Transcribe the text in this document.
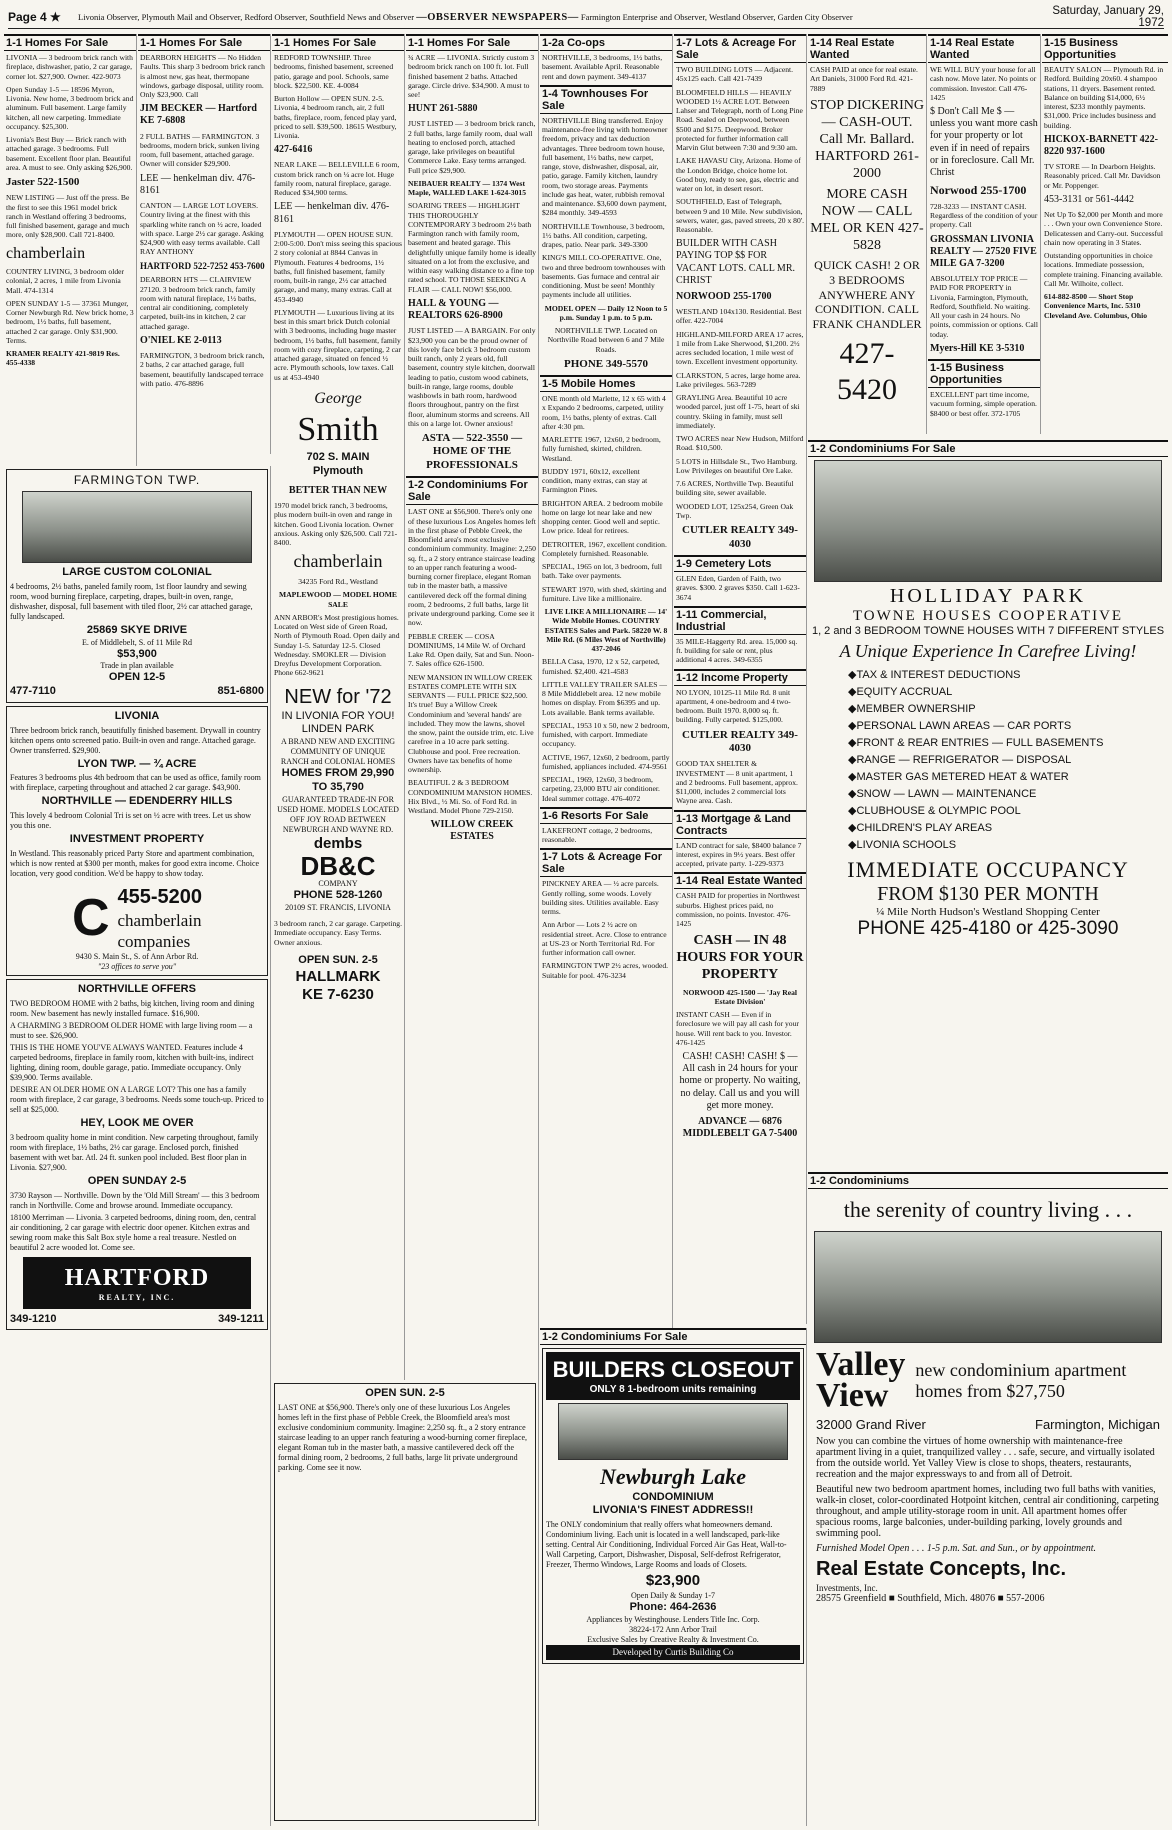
Page 4 ★	Livonia Observer, Plymouth Mail and Observer, Redford Observer, Southfield News and Observer —OBSERVER NEWSPAPERS— Farmington Enterprise and Observer, Westland Observer, Garden City Observer	Saturday, January 29, 1972
1-1 Homes For Sale
LIVONIA — 3 bedroom brick ranch with fireplace, dishwasher, patio, 2 car garage, corner lot. $27,900. Owner. 422-9073
Open Sunday 1-5 — 18596 Myron, Livonia. New home, 3 bedroom brick and aluminum. Full basement. Large family kitchen, all new carpeting. Immediate occupancy. $25,300.
Livonia's Best Buy — Brick ranch with attached garage. 3 bedrooms. Full basement. Excellent floor plan. Beautiful area. A must to see. Only asking $26,900.
Jaster 522-1500
NEW LISTING — Just off the press. Be the first to see this 1961 model brick ranch in Westland offering 3 bedrooms, full finished basement, garage and much more, only $28,900. Call 721-8400.
chamberlain
COUNTRY LIVING, 3 bedroom older colonial, 2 acres, 1 mile from Livonia Mall. 474-1314
OPEN SUNDAY 1-5 — 37361 Munger, Corner Newburgh Rd. New brick home, 3 bedroom, 1½ baths, full basement, attached 2 car garage. Only $31,900. Terms.
KRAMER REALTY 421-9819 Res. 455-4338
1-1 Homes For Sale
DEARBORN HEIGHTS — No Hidden Faults. This sharp 3 bedroom brick ranch is almost new, gas heat, thermopane windows, garbage disposal, utility room. Only $23,900. Call
JIM BECKER — Hartford KE 7-6808
2 FULL BATHS — FARMINGTON. 3 bedrooms, modern brick, sunken living room, full basement, attached garage. Owner will consider $29,900.
LEE — henkelman div. 476-8161
CANTON — LARGE LOT LOVERS. Country living at the finest with this sparkling white ranch on ½ acre, loaded with space. Large 2½ car garage. Asking $24,900 with easy terms available. Call RAY ANTHONY
HARTFORD 522-7252 453-7600
DEARBORN HTS — CLAIRVIEW 27120. 3 bedroom brick ranch, family room with natural fireplace, 1½ baths, central air conditioning, completely carpeted, built-ins in kitchen, 2 car attached garage.
O'NIEL KE 2-0113
FARMINGTON, 3 bedroom brick ranch, 2 baths, 2 car attached garage, full basement, beautifully landscaped terrace with patio. 476-8896
FARMINGTON TWP.
LARGE CUSTOM COLONIAL

4 bedrooms, 2½ baths, paneled family room, 1st floor laundry and sewing room, wood burning fireplace, carpeting, drapes, built-in oven, range, dishwasher, disposal, full basement with tiled floor, 2½ car attached garage, fully landscaped.

25869 SKYE DRIVE
E. of Middlebelt, S. of 11 Mile Rd
$53,900
Trade in plan available
OPEN 12-5
477-7110	851-6800
LIVONIA

Three bedroom brick ranch, beautifully finished basement. Drywall in country kitchen opens onto screened patio. Built-in oven and range. Attached garage. Owner transferred. $29,900.

LYON TWP. — ¾ ACRE

Features 3 bedrooms plus 4th bedroom that can be used as office, family room with fireplace, carpeting throughout and attached 2 car garage. $43,900.

NORTHVILLE — EDENDERRY HILLS

This lovely 4 bedroom Colonial Tri is set on ½ acre with trees. Let us show you this one.

INVESTMENT PROPERTY

In Westland. This reasonably priced Party Store and apartment combination, which is now rented at $300 per month, makes for good extra income. Choice location, very good condition. We'd be happy to show today.

C 455-5200
chamberlain
companies
9430 S. Main St., S. of Ann Arbor Rd.
"23 offices to serve you"
NORTHVILLE OFFERS

TWO BEDROOM HOME with 2 baths, big kitchen, living room and dining room. New basement has newly installed furnace. $16,900.

A CHARMING 3 BEDROOM OLDER HOME with large living room — a must to see. $26,900.

THIS IS THE HOME YOU'VE ALWAYS WANTED. Features include 4 carpeted bedrooms, fireplace in family room, kitchen with built-ins, indirect lighting, dining room, double garage, patio. Immediate occupancy. Only $39,900. Terms available.

DESIRE AN OLDER HOME ON A LARGE LOT? This one has a family room with fireplace, 2 car garage, 3 bedrooms. Needs some touch-up. Priced to sell at $25,000.

HEY, LOOK ME OVER

3 bedroom quality home in mint condition. New carpeting throughout, family room with fireplace, 1½ baths, 2½ car garage. Enclosed porch, finished basement with wet bar. Atl. 24 ft. sunken pool included. Best floor plan in Livonia. $27,900.

OPEN SUNDAY 2-5

3730 Rayson — Northville. Down by the 'Old Mill Stream' — this 3 bedroom ranch in Northville. Come and browse around. Immediate occupancy.

18100 Merriman — Livonia. 3 carpeted bedrooms, dining room, den, central air conditioning, 2 car garage with electric door opener. Kitchen extras and sewing room make this Salt Box style home a real treasure. Nestled on beautiful 2 acre wooded lot. Come see.

HARTFORD
REALTY, INC.
349-1210	349-1211
1-1 Homes For Sale
REDFORD TOWNSHIP. Three bedrooms, finished basement, screened patio, garage and pool. Schools, same block. $22,500. KE. 4-0084
Burton Hollow — OPEN SUN. 2-5. Livonia, 4 bedroom ranch, air, 2 full baths, fireplace, room, fenced play yard, priced to sell. $39,500. 18615 Westbury, Livonia.
427-6416
NEAR LAKE — BELLEVILLE 6 room, custom brick ranch on ¼ acre lot. Huge family room, natural fireplace, garage. Reduced $34,900 terms.
LEE — henkelman div. 476-8161
PLYMOUTH — OPEN HOUSE SUN. 2:00-5:00. Don't miss seeing this spacious 2 story colonial at 8844 Canvas in Plymouth. Features 4 bedrooms, 1½ baths, full finished basement, family room, built-in range, 2½ car attached garage, and many, many extras. Call at 453-4940
PLYMOUTH — Luxurious living at its best in this smart brick Dutch colonial with 3 bedrooms, including huge master bedroom, 1½ baths, full basement, family room with cozy fireplace, carpeting, 2 car attached garage, situated on fenced ½ acre. Plymouth schools, low taxes. Call us at 453-4940
George
Smith
702 S. MAIN
Plymouth
BETTER THAN NEW
1970 model brick ranch, 3 bedrooms, plus modern built-in oven and range in kitchen. Good Livonia location. Owner anxious. Asking only $26,500. Call 721-8400.
chamberlain
34235 Ford Rd., Westland
MAPLEWOOD — MODEL HOME SALE
ANN ARBOR's Most prestigious homes. Located on West side of Green Road, North of Plymouth Road. Open daily and Sunday 1-5. Saturday 12-5. Closed Wednesday. SMOKLER — Division Dreyfus Development Corporation. Phone 662-9621
NEW for '72
IN LIVONIA FOR YOU! LINDEN PARK
A BRAND NEW AND EXCITING COMMUNITY OF UNIQUE RANCH and COLONIAL HOMES
HOMES FROM 29,990 TO 35,790
GUARANTEED TRADE-IN FOR USED HOME. MODELS LOCATED OFF JOY ROAD BETWEEN NEWBURGH AND WAYNE RD.
dembs
DB&C
COMPANY
PHONE 528-1260
20109 ST. FRANCIS, LIVONIA
3 bedroom ranch, 2 car garage. Carpeting. Immediate occupancy. Easy Terms. Owner anxious.
OPEN SUN. 2-5
HALLMARK
KE 7-6230
1-1 Homes For Sale
¾ ACRE — LIVONIA. Strictly custom 3 bedroom brick ranch on 100 ft. lot. Full finished basement 2 baths. Attached garage. Circle drive. $34,900. A must to see!
HUNT 261-5880
JUST LISTED — 3 bedroom brick ranch, 2 full baths, large family room, dual wall heating to enclosed porch, attached garage, lake privileges on beautiful Commerce Lake. Easy terms arranged. Full price $29,900.
NEIBAUER REALTY — 1374 West Maple, WALLED LAKE 1-624-3015
SOARING TREES — HIGHLIGHT THIS THOROUGHLY CONTEMPORARY 3 bedroom 2½ bath Farmington ranch with family room, basement and heated garage. This delightfully unique family home is ideally situated on a lot from the exclusive, and within easy walking distance to a fine top rated school. TO THOSE SEEKING A FLAIR — CALL NOW! $56,000.
HALL & YOUNG — REALTORS 626-8900
JUST LISTED — A BARGAIN. For only $23,900 you can be the proud owner of this lovely face brick 3 bedroom custom built ranch, only 2 years old, full basement, country style kitchen, doorwall leading to patio, custom wood cabinets, built-in range, large rooms, double washbowls in bath room, hardwood floors throughout, pantry on the first floor, aluminum storms and screens. All this on a large lot. Owner anxious!
ASTA — 522-3550 — HOME OF THE PROFESSIONALS
1-2 Condominiums For Sale
LAST ONE at $56,900. There's only one of these luxurious Los Angeles homes left in the first phase of Pebble Creek, the Bloomfield area's most exclusive condominium community. Imagine: 2,250 sq. ft., a 2 story entrance staircase leading to an upper ranch featuring a wood-burning corner fireplace, elegant Roman tub in the master bath, a massive cantilevered deck off the formal dining room, 2 bedrooms, 2 full baths, large lit private underground parking. Come see it now.
PEBBLE CREEK — COSA DOMINIUMS, 14 Mile W. of Orchard Lake Rd. Open daily, Sat and Sun. Noon-7. Sales office 626-1500.
NEW MANSION IN WILLOW CREEK ESTATES COMPLETE WITH SIX SERVANTS — FULL PRICE $22,500. It's true! Buy a Willow Creek Condominium and 'several hands' are included. They mow the lawns, shovel the snow, paint the outside trim, etc. Live carefree in a 10 acre park setting. Clubhouse and pool. Free recreation. Owners have tax benefits of home ownership.
BEAUTIFUL 2 & 3 BEDROOM CONDOMINIUM MANSION HOMES. Hix Blvd., ½ Mi. So. of Ford Rd. in Westland. Model Phone 729-2150.
WILLOW CREEK ESTATES
OPEN SUN. 2-5

LAST ONE at $56,900. There's only one of these luxurious Los Angeles homes left in the first phase of Pebble Creek, the Bloomfield area's most exclusive condominium community. Imagine: 2,250 sq. ft., a 2 story entrance staircase leading to an upper ranch featuring a wood-burning corner fireplace, elegant Roman tub in the master bath, a massive cantilevered deck off the formal dining room, 2 bedrooms, 2 full baths, large lit private underground parking. Come see it now.

1-2a Co-ops
NORTHVILLE, 3 bedrooms, 1½ baths, basement. Available April. Reasonable rent and down payment. 349-4137
1-4 Townhouses For Sale
NORTHVILLE Bing transferred. Enjoy maintenance-free living with homeowner freedom, privacy and tax deduction advantages. Three bedroom town house, full basement, 1½ baths, new carpet, range, stove, dishwasher, disposal, air, patio, garage. Family kitchen, laundry room, two storage areas. Payments include gas heat, water, rubbish removal and maintenance. $3,600 down payment, $284 monthly. 349-4593
NORTHVILLE Townhouse, 3 bedroom, 1½ baths. All condition, carpeting, drapes, patio. Near park. 349-3300
KING'S MILL CO-OPERATIVE. One, two and three bedroom townhouses with basements. Gas furnace and central air conditioning. Must be seen! Monthly payments include all utilities.
MODEL OPEN — Daily 12 Noon to 5 p.m. Sunday 1 p.m. to 5 p.m.
NORTHVILLE TWP. Located on Northville Road between 6 and 7 Mile Roads.
PHONE 349-5570
1-5 Mobile Homes
ONE month old Marlette, 12 x 65 with 4 x Expando 2 bedrooms, carpeted, utility room, 1½ baths, plenty of extras. Call after 4:30 pm.
MARLETTE 1967, 12x60, 2 bedroom, fully furnished, skirted, children. Westland.
BUDDY 1971, 60x12, excellent condition, many extras, can stay at Farmington Pines.
BRIGHTON AREA. 2 bedroom mobile home on large lot near lake and new shopping center. Good well and septic. Low price. Ideal for retirees.
DETROITER, 1967, excellent condition. Completely furnished. Reasonable.
SPECIAL, 1965 on lot, 3 bedroom, full bath. Take over payments.
STEWART 1970, with shed, skirting and furniture. Live like a millionaire.
LIVE LIKE A MILLIONAIRE — 14' Wide Mobile Homes. COUNTRY ESTATES Sales and Park. 58220 W. 8 Mile Rd. (6 Miles West of Northville) 437-2046
BELLA Casa, 1970, 12 x 52, carpeted, furnished. $2,400. 421-4583
LITTLE VALLEY TRAILER SALES — 8 Mile Middlebelt area. 12 new mobile homes on display. From $6395 and up. Lots available. Bank terms available.
SPECIAL, 1953 10 x 50, new 2 bedroom, furnished, with carport. Immediate occupancy.
ACTIVE, 1967, 12x60, 2 bedroom, partly furnished, appliances included. 474-9561
SPECIAL, 1969, 12x60, 3 bedroom, carpeting, 23,000 BTU air conditioner. Ideal summer cottage. 476-4072
1-6 Resorts For Sale
LAKEFRONT cottage, 2 bedrooms, reasonable.
1-7 Lots & Acreage For Sale
PINCKNEY AREA — ½ acre parcels. Gently rolling, some woods. Lovely building sites. Utilities available. Easy terms.
Ann Arbor — Lots 2 ½ acre on residential street. Acre. Close to entrance at US-23 or North Territorial Rd. For further information call owner.
FARMINGTON TWP 2½ acres, wooded. Suitable for pool. 476-3234
1-2 Condominiums For Sale
BUILDERS CLOSEOUT
ONLY 8 1-bedroom units remaining
Newburgh Lake
CONDOMINIUM
LIVONIA'S FINEST ADDRESS!!

The ONLY condominium that really offers what homeowners demand. Condominium living. Each unit is located in a well landscaped, park-like setting. Central Air Conditioning, Individual Forced Air Gas Heat, Wall-to-Wall Carpeting, Carport, Dishwasher, Disposal, Self-defrost Refrigerator, Freezer, Thermo Windows, Large Rooms and loads of Closets.

$23,900
Open Daily & Sunday 1-7
Phone: 464-2636
Appliances by Westinghouse. Lenders Title Inc. Corp.
38224-172 Ann Arbor Trail
Exclusive Sales by Creative Realty & Investment Co.
Developed by Curtis Building Co
1-7 Lots & Acreage For Sale
TWO BUILDING LOTS — Adjacent. 45x125 each. Call 421-7439
BLOOMFIELD HILLS — HEAVILY WOODED 1½ ACRE LOT. Between Lahser and Telegraph, north of Long Pine Road. Sealed on Deepwood, between $500 and $175. Deepwood. Broker protected for further information call Marvin Glut between 7:30 and 9:30 am.
LAKE HAVASU City, Arizona. Home of the London Bridge, choice home lot. Good buy, ready to see, gas, electric and water on lot, in desert resort.
SOUTHFIELD, East of Telegraph, between 9 and 10 Mile. New subdivision, sewers, water, gas, paved streets, 20 x 80'. Reasonable.
BUILDER WITH CASH PAYING TOP $$ FOR VACANT LOTS. CALL MR. CHRIST
NORWOOD 255-1700
WESTLAND 104x130. Residential. Best offer. 422-7004
HIGHLAND-MILFORD AREA 17 acres, 1 mile from Lake Sherwood, $1,200. 2½ acres secluded location, 1 mile west of town. Excellent investment opportunity.
CLARKSTON, 5 acres, large home area. Lake privileges. 563-7289
GRAYLING Area. Beautiful 10 acre wooded parcel, just off 1-75, heart of ski country. Skiing in family, must sell immediately.
TWO ACRES near New Hudson, Milford Road. $10,500.
5 LOTS in Hillsdale St., Two Hamburg. Low Privileges on beautiful Ore Lake.
7.6 ACRES, Northville Twp. Beautiful building site, sewer available.
WOODED LOT, 125x254, Green Oak Twp.
CUTLER REALTY 349-4030
1-9 Cemetery Lots
GLEN Eden, Garden of Faith, two graves. $300. 2 graves $350. Call 1-623-3674
1-11 Commercial, Industrial
35 MILE-Haggerty Rd. area. 15,000 sq. ft. building for sale or rent, plus additional 4 acres. 349-6355
1-12 Income Property
NO LYON, 10125-11 Mile Rd. 8 unit apartment, 4 one-bedroom and 4 two-bedroom. Built 1970. 8,000 sq. ft. building. Fully carpeted. $125,000.
CUTLER REALTY 349-4030
GOOD TAX SHELTER & INVESTMENT — 8 unit apartment, 1 and 2 bedrooms. Full basement, approx. $11,000, includes 2 commercial lots Wayne area. Cash.
1-13 Mortgage & Land Contracts
LAND contract for sale, $8400 balance 7 interest, expires in 9½ years. Best offer accepted, private party. 1-229-9373
1-14 Real Estate Wanted
CASH PAID for properties in Northwest suburbs. Highest prices paid, no commission, no points. Investor. 476-1425
CASH — IN 48 HOURS FOR YOUR PROPERTY
NORWOOD 425-1500 — 'Jay Real Estate Division'
INSTANT CASH — Even if in foreclosure we will pay all cash for your house. Will rent back to you. Investor. 476-1425
CASH! CASH! CASH! $ — All cash in 24 hours for your home or property. No waiting, no delay. Call us and you will get more money.
ADVANCE — 6876 MIDDLEBELT GA 7-5400
1-14 Real Estate Wanted
CASH PAID at once for real estate. Art Daniels, 31000 Ford Rd. 421-7889
STOP DICKERING — CASH-OUT. Call Mr. Ballard. HARTFORD 261-2000
MORE CASH NOW — CALL MEL OR KEN 427-5828
QUICK CASH! 2 OR 3 BEDROOMS ANYWHERE ANY CONDITION. CALL FRANK CHANDLER
427-5420
1-14 Real Estate Wanted
WE WILL BUY your house for all cash now. Move later. No points or commission. Investor. Call 476-1425
$ Don't Call Me $ — unless you want more cash for your property or lot even if in need of repairs or in foreclosure. Call Mr. Christ
Norwood 255-1700
728-3233 — INSTANT CASH. Regardless of the condition of your property. Call
GROSSMAN LIVONIA REALTY — 27520 FIVE MILE GA 7-3200
ABSOLUTELY TOP PRICE — PAID FOR PROPERTY in Livonia, Farmington, Plymouth, Redford, Southfield. No waiting. All your cash in 24 hours. No points, commission or options. Call today.
Myers-Hill KE 3-5310
1-15 Business Opportunities
EXCELLENT part time income, vacuum forming, simple operation. $8400 or best offer. 372-1705
1-15 Business Opportunities
BEAUTY SALON — Plymouth Rd. in Redford. Building 20x60. 4 shampoo stations, 11 dryers. Basement rented. Balance on building $14,000, 6½ interest, $233 monthly payments. $31,000. Price includes business and building.
HICKOX-BARNETT 422-8220 937-1600
TV STORE — In Dearborn Heights. Reasonably priced. Call Mr. Davidson or Mr. Poppenger.
453-3131 or 561-4442
Net Up To $2,000 per Month and more . . . Own your own Convenience Store. Delicatessen and Carry-out. Successful chain now operating in 3 States.
Outstanding opportunities in choice locations. Immediate possession, complete training. Financing available. Call Mr. Wilhoite, collect.
614-882-8500 — Short Stop Convenience Marts, Inc. 5310 Cleveland Ave. Columbus, Ohio
1-2 Condominiums For Sale
HOLLIDAY PARK
TOWNE HOUSES COOPERATIVE
1, 2 and 3 BEDROOM TOWNE HOUSES WITH 7 DIFFERENT STYLES
A Unique Experience In Carefree Living!
◆ TAX & INTEREST DEDUCTIONS
◆ EQUITY ACCRUAL
◆ MEMBER OWNERSHIP
◆ PERSONAL LAWN AREAS — CAR PORTS
◆ FRONT & REAR ENTRIES — FULL BASEMENTS
◆ RANGE — REFRIGERATOR — DISPOSAL
◆ MASTER GAS METERED HEAT & WATER
◆ SNOW — LAWN — MAINTENANCE
◆ CLUBHOUSE & OLYMPIC POOL
◆ CHILDREN'S PLAY AREAS
◆ LIVONIA SCHOOLS
IMMEDIATE OCCUPANCY
FROM $130 PER MONTH
¼ Mile North Hudson's Westland Shopping Center
PHONE 425-4180 or 425-3090
1-2 Condominiums
the serenity of country living . . .
Valley
View
new condominium apartment homes from $27,750
32000 Grand River	Farmington, Michigan
Now you can combine the virtues of home ownership with maintenance-free apartment living in a quiet, tranquilized valley . . . safe, secure, and virtually isolated from the outside world. Yet Valley View is close to shops, theaters, restaurants, recreation and the major expressways to and from all of Detroit.
Beautiful new two bedroom apartment homes, including two full baths with vanities, walk-in closet, color-coordinated Hotpoint kitchen, central air conditioning, carpeting throughout, and ample utility-storage room in unit. All apartment homes offer spacious rooms, large balconies, under-building parking, lovely grounds and swimming pool.
Furnished Model Open . . . 1-5 p.m. Sat. and Sun., or by appointment.
Real Estate Concepts, Inc.
Investments, Inc.
28575 Greenfield ■ Southfield, Mich. 48076 ■ 557-2006
